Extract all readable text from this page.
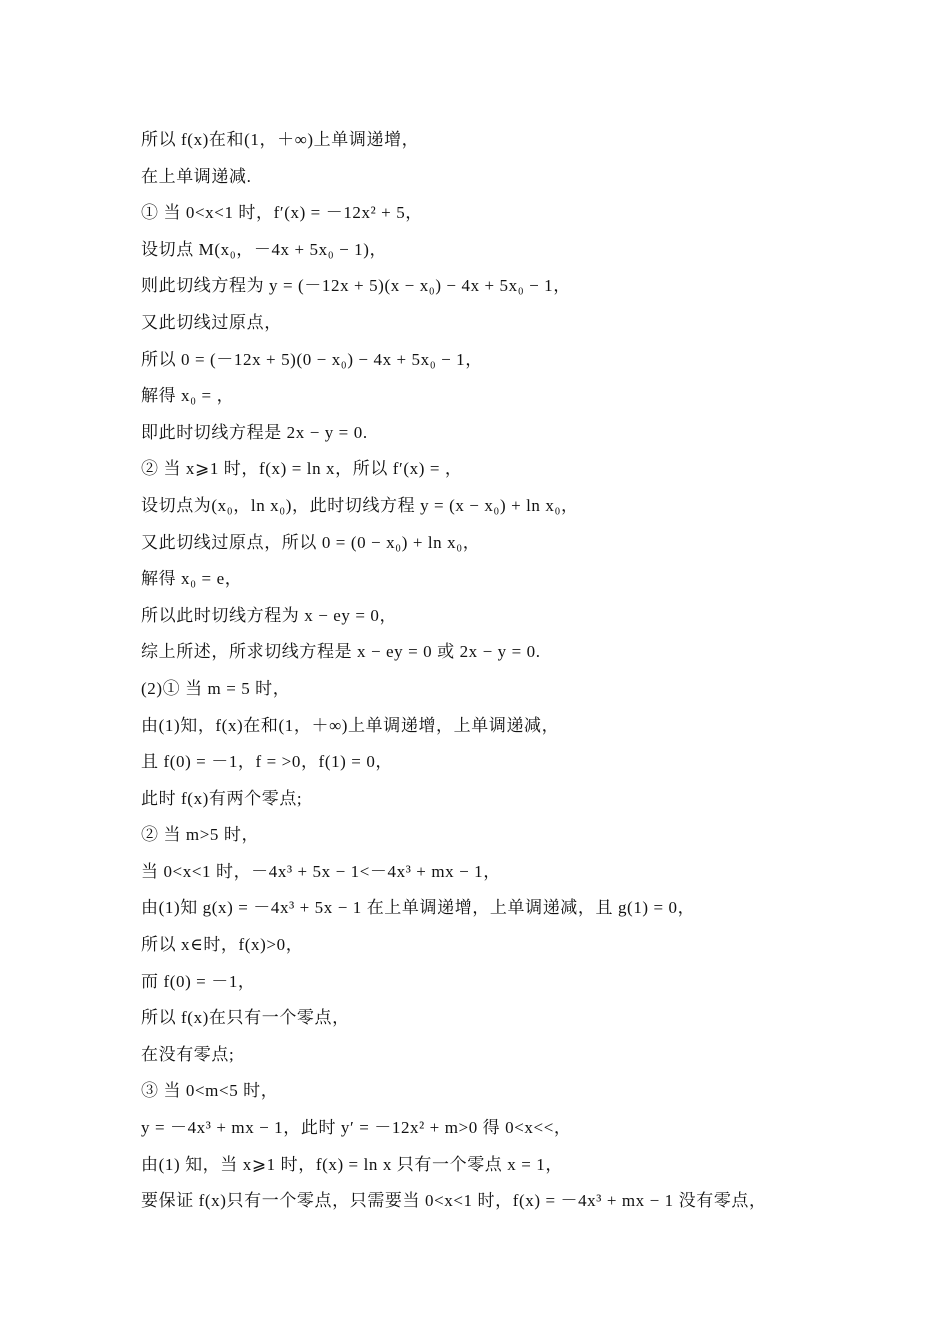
所以 f(x)在和(1，＋∞)上单调递增，
在上单调递减.
① 当 0<x<1 时，f′(x) = －12x² + 5，
设切点 M(x₀，－4x + 5x₀ − 1)，
则此切线方程为 y = (－12x + 5)(x − x₀) − 4x + 5x₀ − 1，
又此切线过原点，
所以 0 = (－12x + 5)(0 − x₀) − 4x + 5x₀ − 1，
解得 x₀ = ，
即此时切线方程是 2x − y = 0.
② 当 x⩾1 时，f(x) = ln x，所以 f′(x) = ，
设切点为(x₀，ln x₀)，此时切线方程 y = (x − x₀) + ln x₀，
又此切线过原点，所以 0 = (0 − x₀) + ln x₀，
解得 x₀ = e，
所以此时切线方程为 x − ey = 0，
综上所述，所求切线方程是 x − ey = 0 或 2x − y = 0.
(2)① 当 m = 5 时，
由(1)知，f(x)在和(1，＋∞)上单调递增，上单调递减，
且 f(0) = －1，f = >0，f(1) = 0，
此时 f(x)有两个零点;
② 当 m>5 时，
当 0<x<1 时，－4x³ + 5x − 1<－4x³ + mx − 1，
由(1)知 g(x) = －4x³ + 5x − 1 在上单调递增，上单调递减，且 g(1) = 0，
所以 x∈时，f(x)>0，
而 f(0) = －1，
所以 f(x)在只有一个零点，
在没有零点;
③ 当 0<m<5 时，
y = －4x³ + mx − 1，此时 y′ = －12x² + m>0 得 0<x<<，
由(1) 知，当 x⩾1 时，f(x) = ln x 只有一个零点 x = 1，
要保证 f(x)只有一个零点，只需要当 0<x<1 时，f(x) = －4x³ + mx − 1 没有零点，
